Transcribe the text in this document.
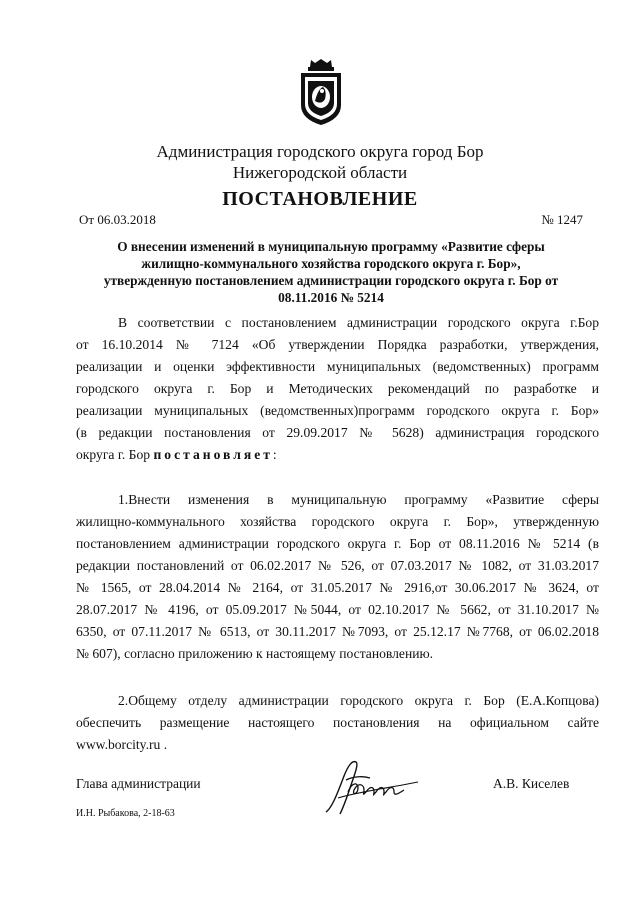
Администрация городского округа город Бор
Нижегородской области
ПОСТАНОВЛЕНИЕ
От 06.03.2018	№ 1247
О внесении изменений в муниципальную программу «Развитие сферы
жилищно-коммунального хозяйства городского округа г. Бор»,
утвержденную постановлением администрации городского округа г. Бор от
08.11.2016 № 5214
В соответствии с постановлением администрации городского округа г.Бор
от 16.10.2014 № 7124 «Об утверждении Порядка разработки, утверждения,
реализации и оценки эффективности муниципальных (ведомственных) программ
городского округа г. Бор и Методических рекомендаций по разработке и
реализации муниципальных (ведомственных)программ городского округа г. Бор»
(в редакции постановления от 29.09.2017 № 5628) администрация городского
округа г. Бор постановляет:
1.Внести изменения в муниципальную программу «Развитие сферы
жилищно-коммунального хозяйства городского округа г. Бор», утвержденную
постановлением администрации городского округа г. Бор от 08.11.2016 № 5214 (в
редакции постановлений от 06.02.2017 № 526, от 07.03.2017 № 1082, от 31.03.2017
№ 1565, от 28.04.2014 № 2164, от 31.05.2017 № 2916,от 30.06.2017 № 3624, от
28.07.2017 № 4196, от 05.09.2017 №5044, от 02.10.2017 № 5662, от 31.10.2017 №
6350, от 07.11.2017 № 6513, от 30.11.2017 №7093, от 25.12.17 №7768, от 06.02.2018
№ 607), согласно приложению к настоящему постановлению.
2.Общему отделу администрации городского округа г. Бор (Е.А.Копцова)
обеспечить размещение настоящего постановления на официальном сайте
www.borcity.ru .
Глава администрации	А.В. Киселев
И.Н. Рыбакова, 2-18-63
